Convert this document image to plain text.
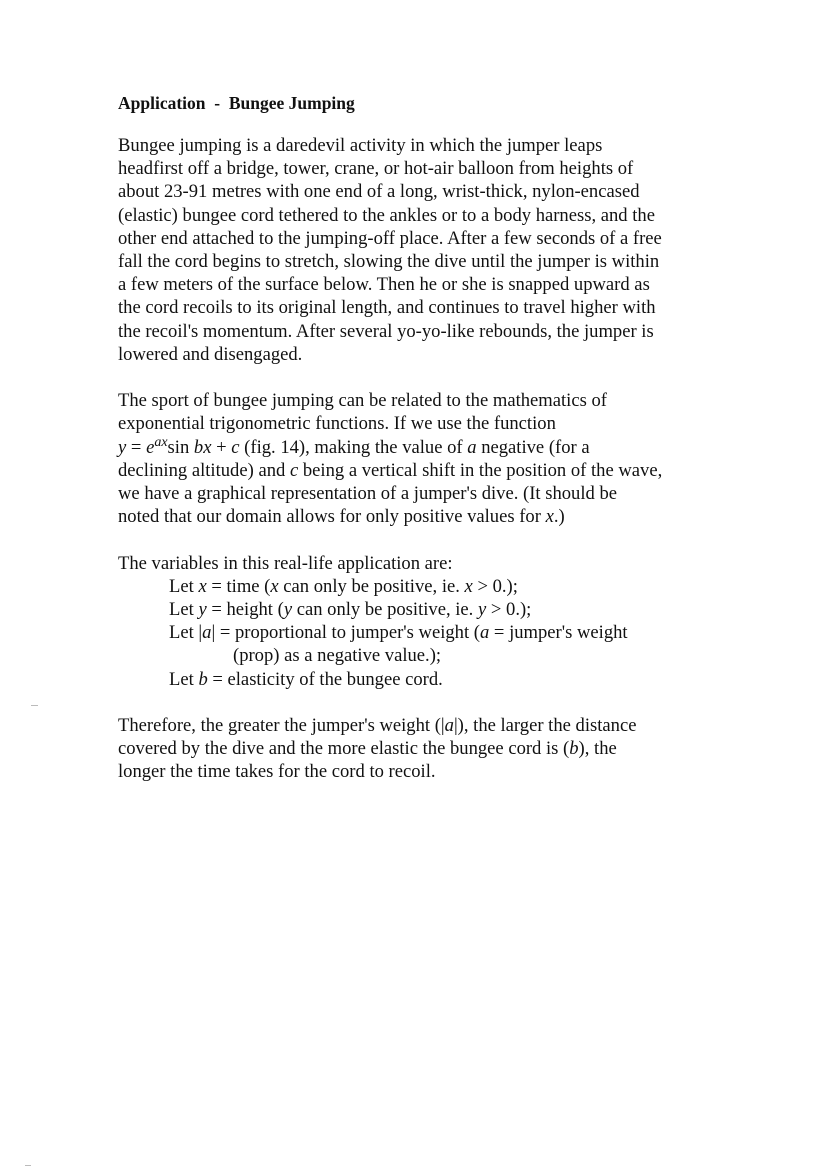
Application  -  Bungee Jumping
Bungee jumping is a daredevil activity in which the jumper leaps
headfirst off a bridge, tower, crane, or hot-air balloon from heights of
about 23-91 metres with one end of a long, wrist-thick, nylon-encased
(elastic) bungee cord tethered to the ankles or to a body harness, and the
other end attached to the jumping-off place. After a few seconds of a free
fall the cord begins to stretch, slowing the dive until the jumper is within
a few meters of the surface below. Then he or she is snapped upward as
the cord recoils to its original length, and continues to travel higher with
the recoil's momentum. After several yo-yo-like rebounds, the jumper is
lowered and disengaged.
The sport of bungee jumping can be related to the mathematics of
exponential trigonometric functions. If we use the function
$y = e^{ax}\sin$ bx + c (fig. 14), making the value of a negative (for a
declining altitude) and c being a vertical shift in the position of the wave,
we have a graphical representation of a jumper's dive. (It should be
noted that our domain allows for only positive values for x.)
The variables in this real-life application are:
Let x = time (x can only be positive, ie. x > 0.);
Let y = height (y can only be positive, ie. y > 0.);
Let |a| = proportional to jumper's weight (a = jumper's weight
(prop) as a negative value.);
Let b = elasticity of the bungee cord.
Therefore, the greater the jumper's weight (|a|), the larger the distance
covered by the dive and the more elastic the bungee cord is (b), the
longer the time takes for the cord to recoil.
